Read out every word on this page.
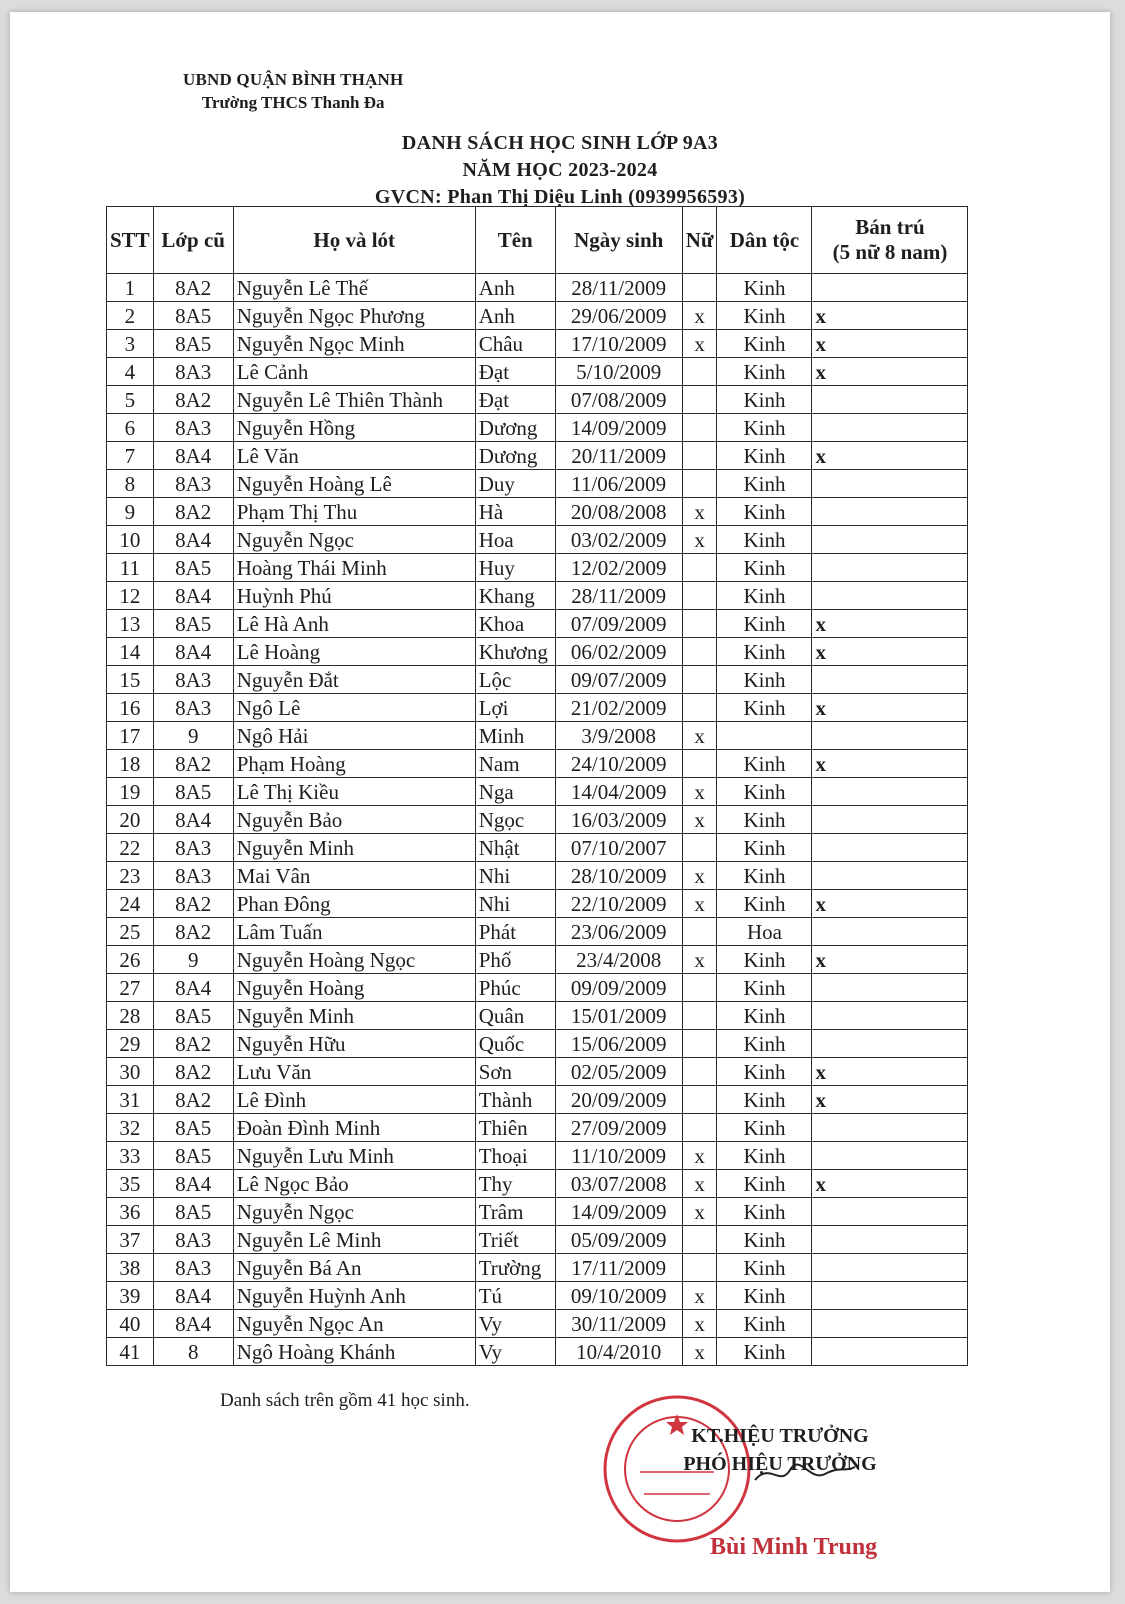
UBND QUẬN BÌNH THẠNH
Trường THCS Thanh Đa
DANH SÁCH HỌC SINH LỚP 9A3
NĂM HỌC 2023-2024
GVCN: Phan Thị Diệu Linh (0939956593)
STT	Lớp cũ	Họ và lót	Tên	Ngày sinh	Nữ	Dân tộc	Bán trú
(5 nữ 8 nam)

1	8A2	Nguyễn Lê Thế	Anh	28/11/2009		Kinh	
2	8A5	Nguyễn Ngọc Phương	Anh	29/06/2009	x	Kinh	x
3	8A5	Nguyễn Ngọc Minh	Châu	17/10/2009	x	Kinh	x
4	8A3	Lê Cảnh	Đạt	5/10/2009		Kinh	x
5	8A2	Nguyễn Lê Thiên Thành	Đạt	07/08/2009		Kinh	
6	8A3	Nguyễn Hồng	Dương	14/09/2009		Kinh	
7	8A4	Lê Văn	Dương	20/11/2009		Kinh	x
8	8A3	Nguyễn Hoàng Lê	Duy	11/06/2009		Kinh	
9	8A2	Phạm Thị Thu	Hà	20/08/2008	x	Kinh	
10	8A4	Nguyễn Ngọc	Hoa	03/02/2009	x	Kinh	
11	8A5	Hoàng Thái Minh	Huy	12/02/2009		Kinh	
12	8A4	Huỳnh Phú	Khang	28/11/2009		Kinh	
13	8A5	Lê Hà Anh	Khoa	07/09/2009		Kinh	x
14	8A4	Lê Hoàng	Khương	06/02/2009		Kinh	x
15	8A3	Nguyễn Đắt	Lộc	09/07/2009		Kinh	
16	8A3	Ngô Lê	Lợi	21/02/2009		Kinh	x
17	9	Ngô Hải	Minh	3/9/2008	x		
18	8A2	Phạm Hoàng	Nam	24/10/2009		Kinh	x
19	8A5	Lê Thị Kiều	Nga	14/04/2009	x	Kinh	
20	8A4	Nguyễn Bảo	Ngọc	16/03/2009	x	Kinh	
22	8A3	Nguyễn Minh	Nhật	07/10/2007		Kinh	
23	8A3	Mai Vân	Nhi	28/10/2009	x	Kinh	
24	8A2	Phan Đông	Nhi	22/10/2009	x	Kinh	x
25	8A2	Lâm Tuấn	Phát	23/06/2009		Hoa	
26	9	Nguyễn Hoàng Ngọc	Phố	23/4/2008	x	Kinh	x
27	8A4	Nguyễn Hoàng	Phúc	09/09/2009		Kinh	
28	8A5	Nguyễn Minh	Quân	15/01/2009		Kinh	
29	8A2	Nguyễn Hữu	Quốc	15/06/2009		Kinh	
30	8A2	Lưu Văn	Sơn	02/05/2009		Kinh	x
31	8A2	Lê Đình	Thành	20/09/2009		Kinh	x
32	8A5	Đoàn Đình Minh	Thiên	27/09/2009		Kinh	
33	8A5	Nguyễn Lưu Minh	Thoại	11/10/2009	x	Kinh	
35	8A4	Lê Ngọc Bảo	Thy	03/07/2008	x	Kinh	x
36	8A5	Nguyễn Ngọc	Trâm	14/09/2009	x	Kinh	
37	8A3	Nguyễn Lê Minh	Triết	05/09/2009		Kinh	
38	8A3	Nguyễn Bá An	Trường	17/11/2009		Kinh	
39	8A4	Nguyễn Huỳnh Anh	Tú	09/10/2009	x	Kinh	
40	8A4	Nguyễn Ngọc An	Vy	30/11/2009	x	Kinh	
41	8	Ngô Hoàng Khánh	Vy	10/4/2010	x	Kinh	
Danh sách trên gồm 41 học sinh.
KT.HIỆU TRƯỞNG
PHÓ HIỆU TRƯỞNG
Bùi Minh Trung
